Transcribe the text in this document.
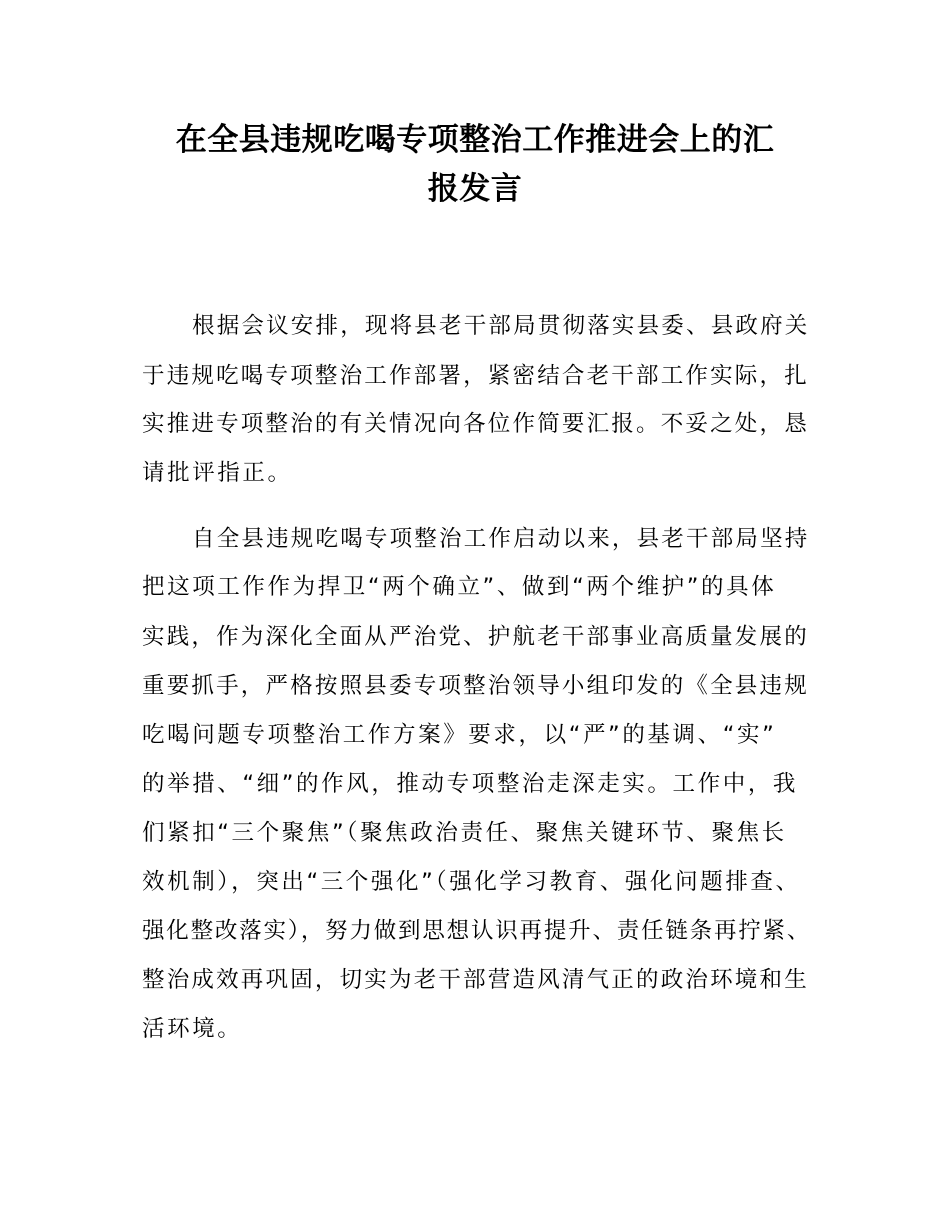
在全县违规吃喝专项整治工作推进会上的汇
报发言

根据会议安排，现将县老干部局贯彻落实县委、县政府关

于违规吃喝专项整治工作部署，紧密结合老干部工作实际，扎

实推进专项整治的有关情况向各位作简要汇报。不妥之处，恳

请批评指正。

自全县违规吃喝专项整治工作启动以来，县老干部局坚持

把这项工作作为捍卫“两个确立”、做到“两个维护”的具体

实践，作为深化全面从严治党、护航老干部事业高质量发展的

重要抓手，严格按照县委专项整治领导小组印发的《全县违规

吃喝问题专项整治工作方案》要求，以“严”的基调、“实”

的举措、“细”的作风，推动专项整治走深走实。工作中，我

们紧扣“三个聚焦”（聚焦政治责任、聚焦关键环节、聚焦长

效机制），突出“三个强化”（强化学习教育、强化问题排查、

强化整改落实），努力做到思想认识再提升、责任链条再拧紧、

整治成效再巩固，切实为老干部营造风清气正的政治环境和生

活环境。
